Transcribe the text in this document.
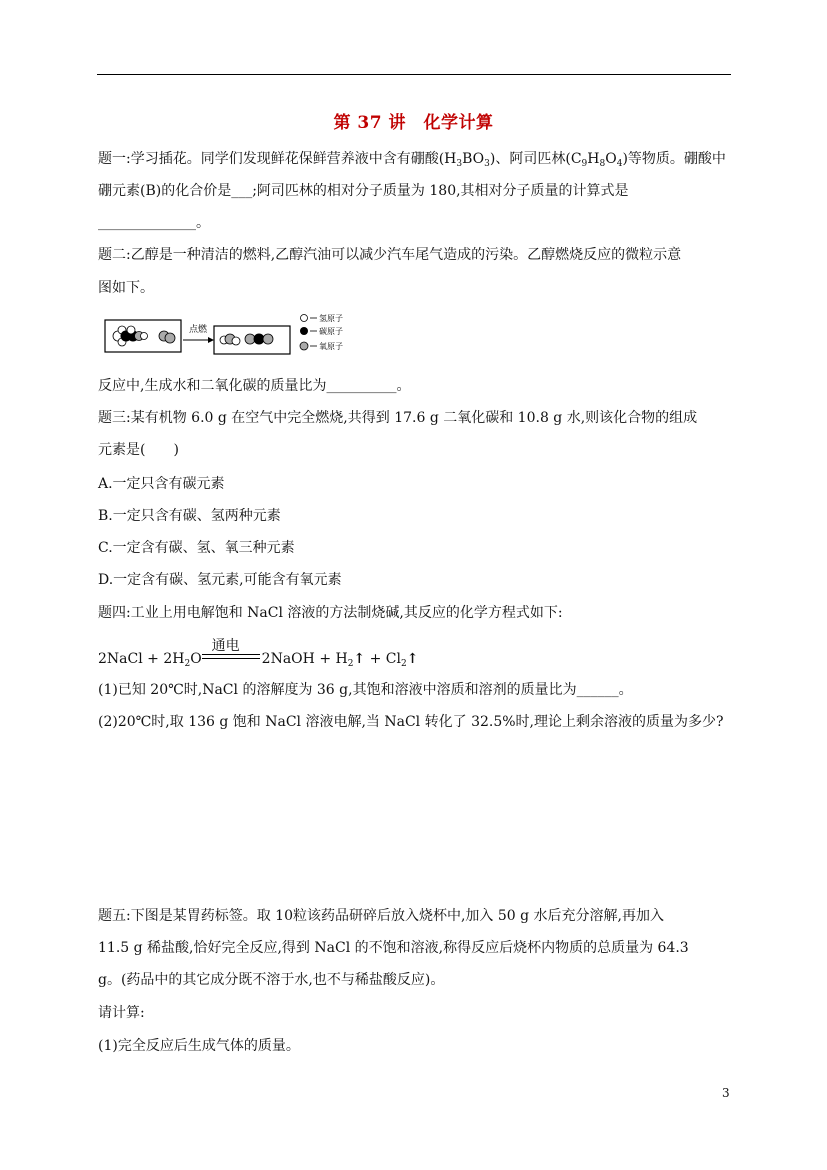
第 37 讲　化学计算
题一:学习插花。同学们发现鲜花保鲜营养液中含有硼酸$(H_3BO_3)$、阿司匹林$(C_9H_8O_4)$等物质。硼酸中
硼元素(B)的化合价是___;阿司匹林的相对分子质量为 180,其相对分子质量的计算式是
______________。
题二:乙醇是一种清洁的燃料,乙醇汽油可以减少汽车尾气造成的污染。乙醇燃烧反应的微粒示意
图如下。
点燃
氢原子
碳原子
氧原子
反应中,生成水和二氧化碳的质量比为__________。
题三:某有机物 6.0 g 在空气中完全燃烧,共得到 17.6 g 二氧化碳和 10.8 g 水,则该化合物的组成
元素是(　　)
A.一定只含有碳元素
B.一定只含有碳、氢两种元素
C.一定含有碳、氢、氧三种元素
D.一定含有碳、氢元素,可能含有氧元素
题四:工业上用电解饱和 NaCl 溶液的方法制烧碱,其反应的化学方程式如下:
2NaCl + $2H_2O$
通电
2NaOH + $H_2↑$ + $Cl_2↑$
(1)已知 20℃时,NaCl 的溶解度为 36 g,其饱和溶液中溶质和溶剂的质量比为______。
(2)20℃时,取 136 g 饱和 NaCl 溶液电解,当 NaCl 转化了 32.5%时,理论上剩余溶液的质量为多少?
题五:下图是某胃药标签。取 10粒该药品研碎后放入烧杯中,加入 50 g 水后充分溶解,再加入
11.5 g 稀盐酸,恰好完全反应,得到 NaCl 的不饱和溶液,称得反应后烧杯内物质的总质量为 64.3
g。(药品中的其它成分既不溶于水,也不与稀盐酸反应)。
请计算:
(1)完全反应后生成气体的质量。
3
